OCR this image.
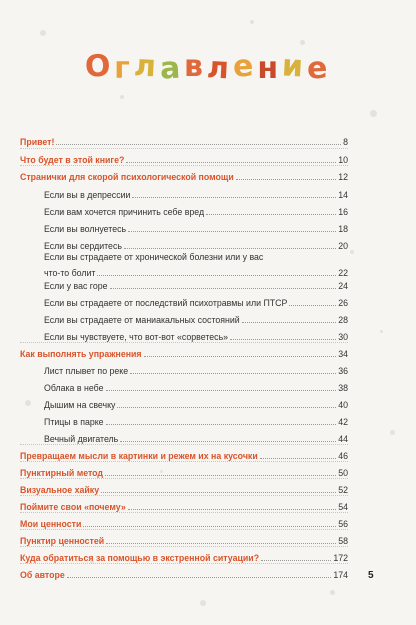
Оглавление
Привет!	8
Что будет в этой книге?	10
Странички для скорой психологической помощи	12
Если вы в депрессии	14
Если вам хочется причинить себе вред	16
Если вы волнуетесь	18
Если вы сердитесь	20
Если вы страдаете от хронической болезни или у вас
что-то болит	22
Если у вас горе	24
Если вы страдаете от последствий психотравмы или ПТСР	26
Если вы страдаете от маниакальных состояний	28
Если вы чувствуете, что вот-вот «сорветесь»	30
Как выполнять упражнения	34
Лист плывет по реке	36
Облака в небе	38
Дышим на свечку	40
Птицы в парке	42
Вечный двигатель	44
Превращаем мысли в картинки и режем их на кусочки	46
Пунктирный метод	50
Визуальное хайку	52
Поймите свои «почему»	54
Мои ценности	56
Пунктир ценностей	58
Куда обратиться за помощью в экстренной ситуации?	172
Об авторе	174 5
